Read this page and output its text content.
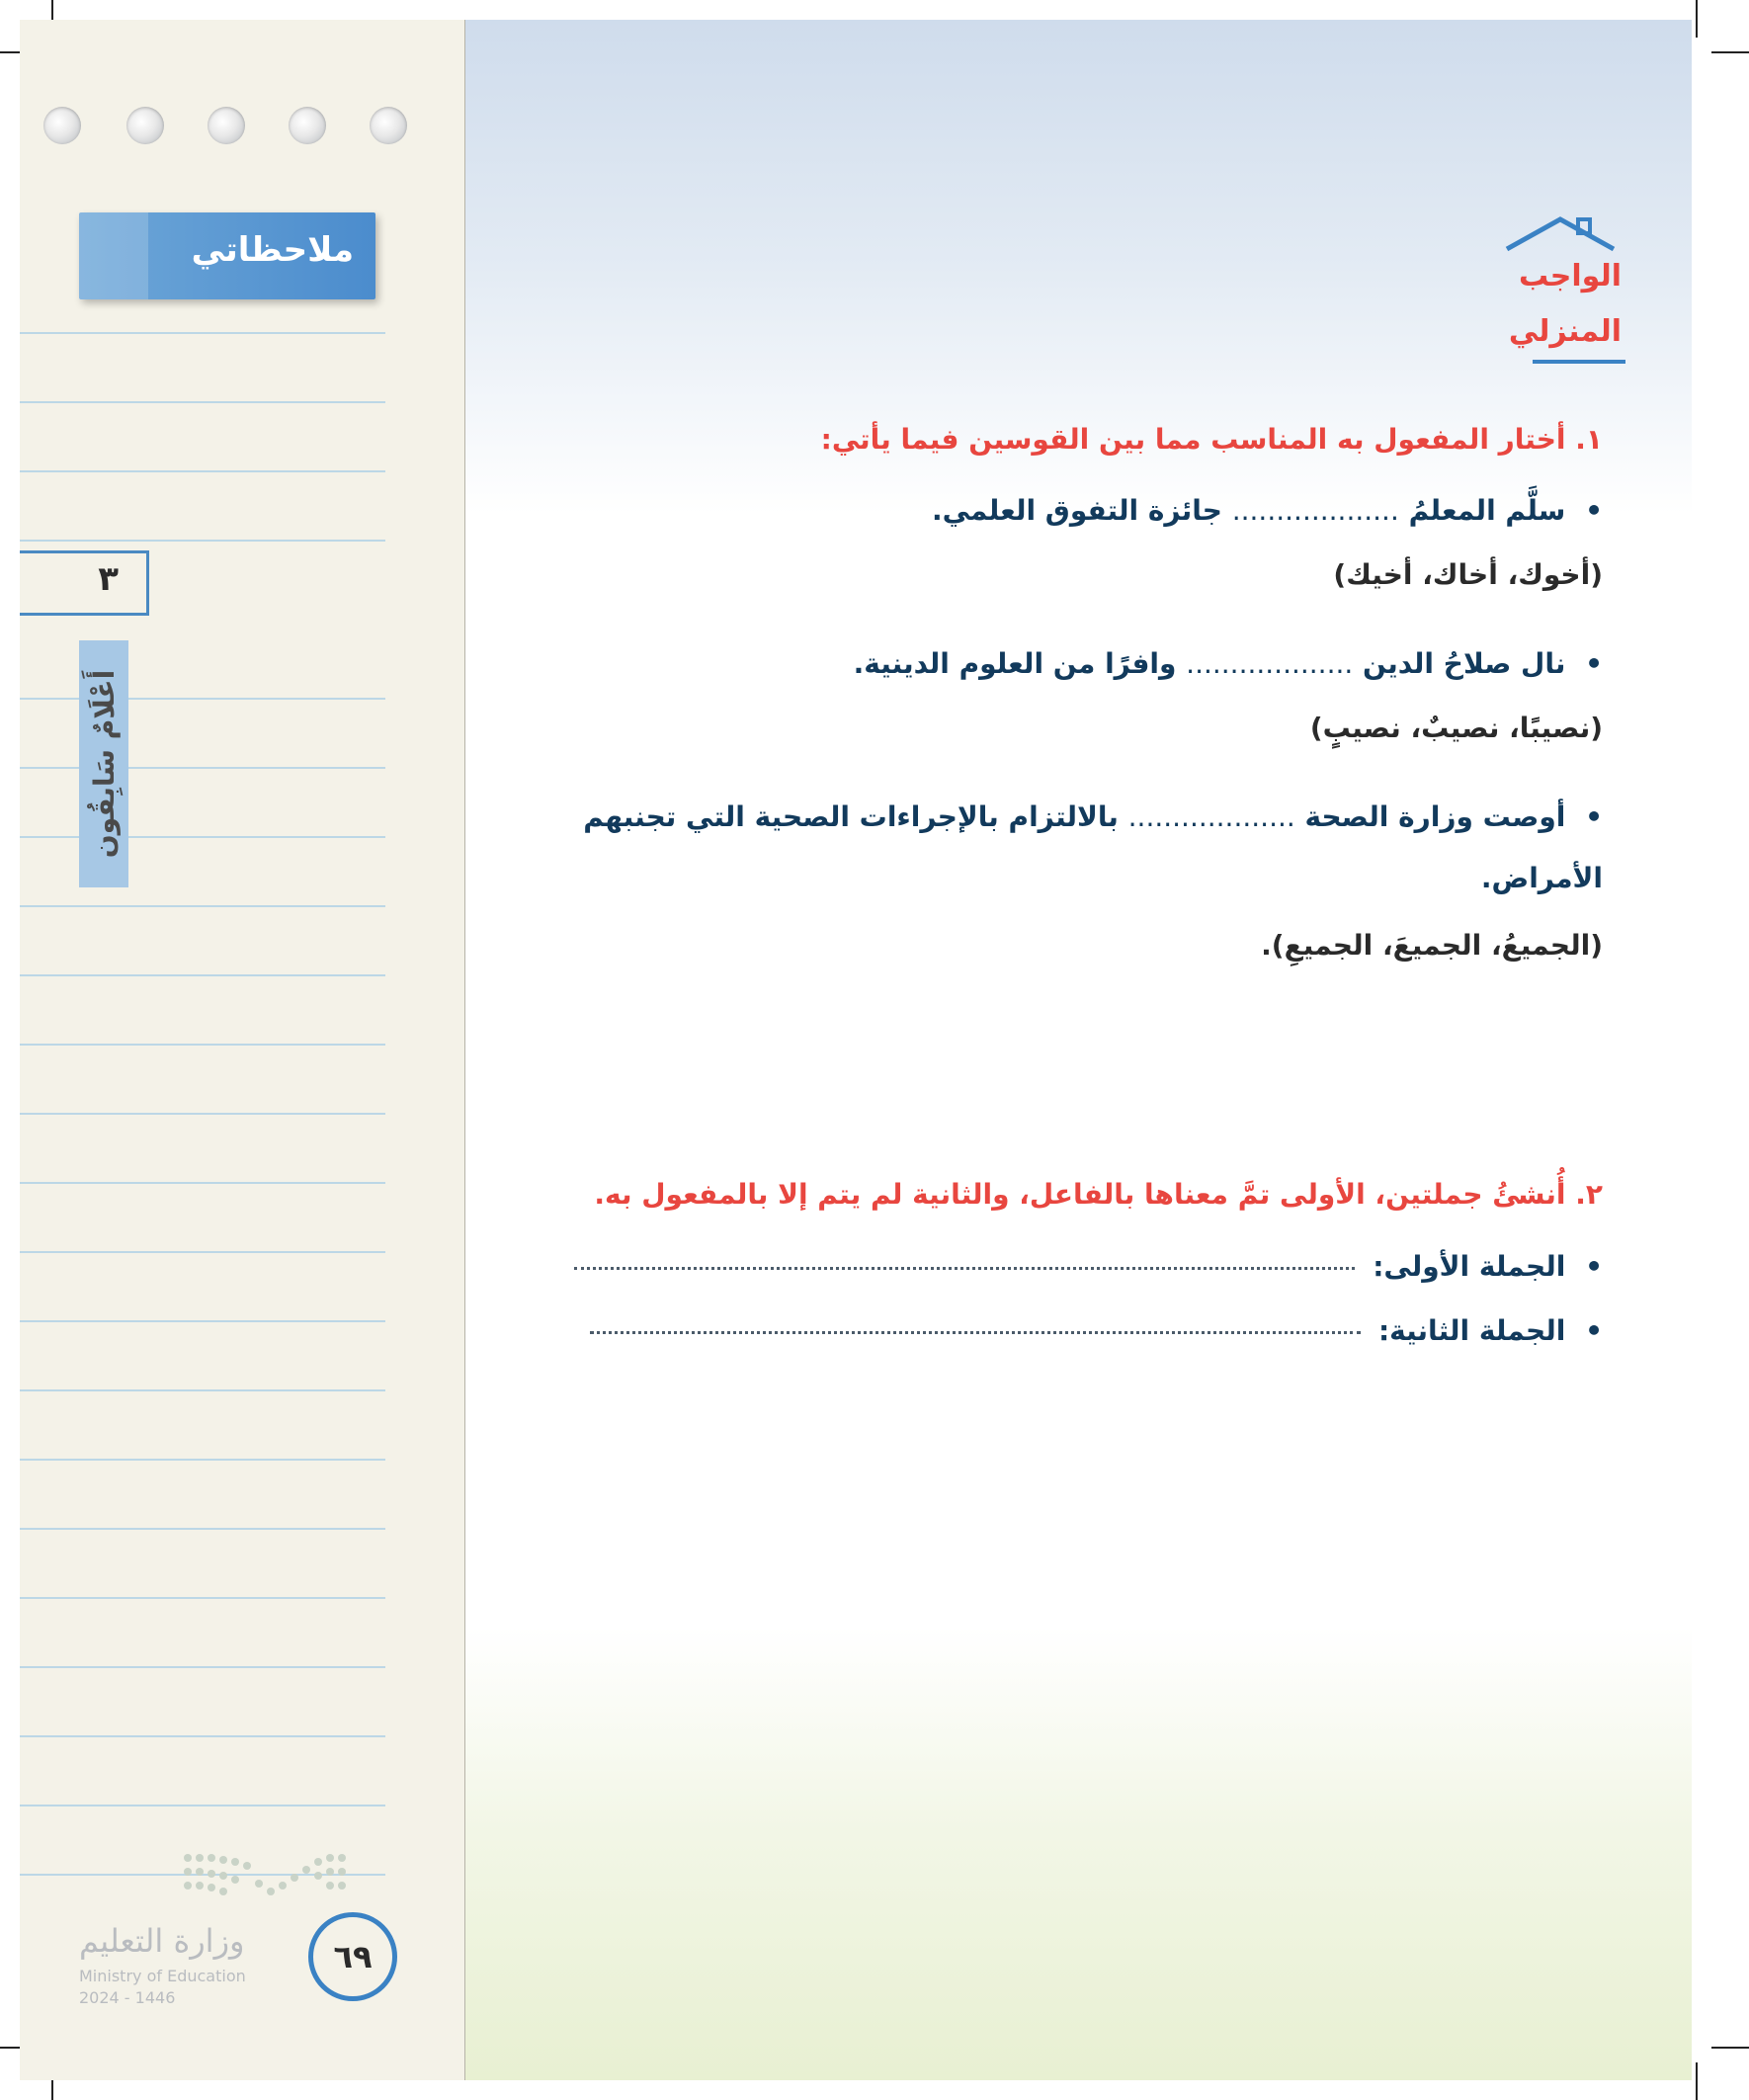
ملاحظاتي
٣
أَعْلَامٌ سَابِقُون
وزارة التعليم
Ministry of Education
2024 - 1446
٦٩
الواجب
المنزلي
١. أختار المفعول به المناسب مما بين القوسين فيما يأتي:
• سلَّم المعلمُ ................... جائزة التفوق العلمي.
(أخوك، أخاك، أخيك)
• نال صلاحُ الدين ................... وافرًا من العلوم الدينية.
(نصيبًا، نصيبٌ، نصيبٍ)
• أوصت وزارة الصحة ................... بالالتزام بالإجراءات الصحية التي تجنبهم
الأمراض.
(الجميعُ، الجميعَ، الجميعِ).
٢. أُنشئُ جملتين، الأولى تمَّ معناها بالفاعل، والثانية لم يتم إلا بالمفعول به.
• الجملة الأولى:
• الجملة الثانية:
